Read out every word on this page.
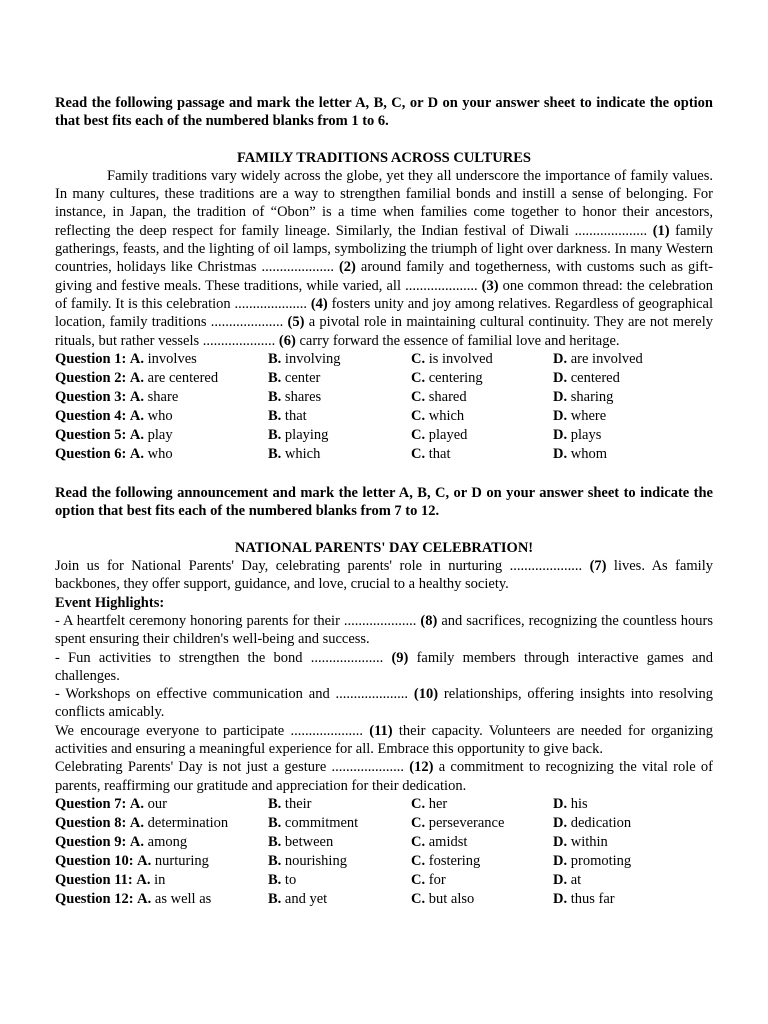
Read the following passage and mark the letter A, B, C, or D on your answer sheet to indicate the option that best fits each of the numbered blanks from 1 to 6.

FAMILY TRADITIONS ACROSS CULTURES

Family traditions vary widely across the globe, yet they all underscore the importance of family values. In many cultures, these traditions are a way to strengthen familial bonds and instill a sense of belonging. For instance, in Japan, the tradition of “Obon” is a time when families come together to honor their ancestors, reflecting the deep respect for family lineage. Similarly, the Indian festival of Diwali .................... (1) family gatherings, feasts, and the lighting of oil lamps, symbolizing the triumph of light over darkness. In many Western countries, holidays like Christmas .................... (2) around family and togetherness, with customs such as gift-giving and festive meals. These traditions, while varied, all .................... (3) one common thread: the celebration of family. It is this celebration .................... (4) fosters unity and joy among relatives. Regardless of geographical location, family traditions .................... (5) a pivotal role in maintaining cultural continuity. They are not merely rituals, but rather vessels .................... (6) carry forward the essence of familial love and heritage.

Question 1: A. involves	B. involving	C. is involved	D. are involved
Question 2: A. are centered	B. center	C. centering	D. centered
Question 3: A. share	B. shares	C. shared	D. sharing
Question 4: A. who	B. that	C. which	D. where
Question 5: A. play	B. playing	C. played	D. plays
Question 6: A. who	B. which	C. that	D. whom

Read the following announcement and mark the letter A, B, C, or D on your answer sheet to indicate the option that best fits each of the numbered blanks from 7 to 12.

NATIONAL PARENTS' DAY CELEBRATION!

Join us for National Parents' Day, celebrating parents' role in nurturing .................... (7) lives. As family backbones, they offer support, guidance, and love, crucial to a healthy society.

Event Highlights:

- A heartfelt ceremony honoring parents for their .................... (8) and sacrifices, recognizing the countless hours spent ensuring their children's well-being and success.

- Fun activities to strengthen the bond .................... (9) family members through interactive games and challenges.

- Workshops on effective communication and .................... (10) relationships, offering insights into resolving conflicts amicably.

We encourage everyone to participate .................... (11) their capacity. Volunteers are needed for organizing activities and ensuring a meaningful experience for all. Embrace this opportunity to give back.

Celebrating Parents' Day is not just a gesture .................... (12) a commitment to recognizing the vital role of parents, reaffirming our gratitude and appreciation for their dedication.

Question 7: A. our	B. their	C. her	D. his
Question 8: A. determination	B. commitment	C. perseverance	D. dedication
Question 9: A. among	B. between	C. amidst	D. within
Question 10: A. nurturing	B. nourishing	C. fostering	D. promoting
Question 11: A. in	B. to	C. for	D. at
Question 12: A. as well as	B. and yet	C. but also	D. thus far
